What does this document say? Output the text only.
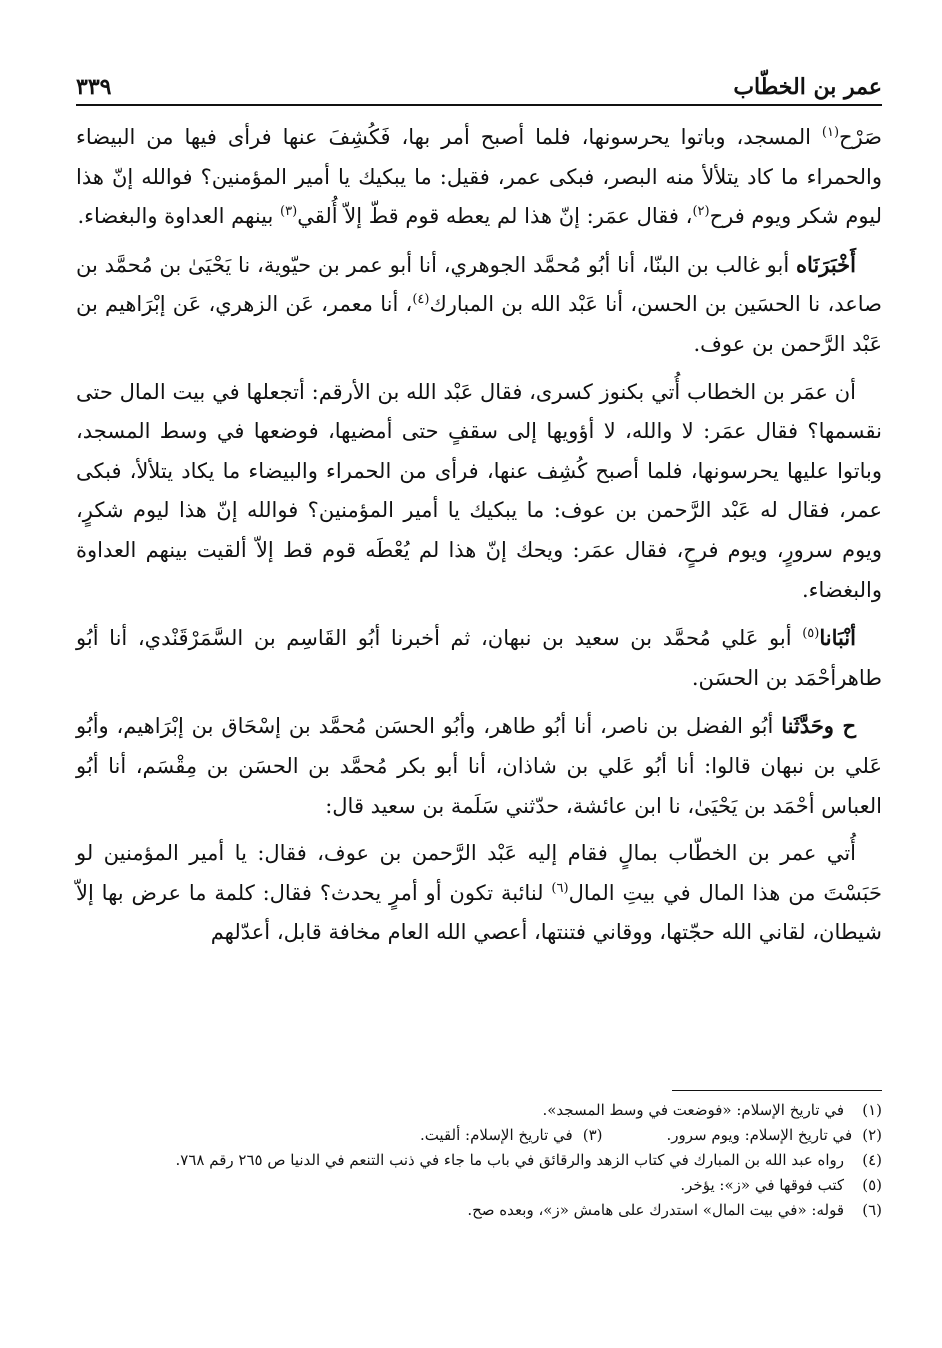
عمر بن الخطّاب
٣٣٩

صَرْح$^{(١)}$ المسجد، وباتوا يحرسونها، فلما أصبح أمر بها، فَكُشِفَ عنها فرأى فيها من البيضاء والحمراء ما كاد يتلألأ منه البصر، فبكى عمر، فقيل: ما يبكيك يا أمير المؤمنين؟ فوالله إنّ هذا ليوم شكر ويوم فرح$^{(٢)}$، فقال عمَر: إنّ هذا لم يعطه قوم قطّ إلاّ أُلقي$^{(٣)}$ بينهم العداوة والبغضاء.

أَخْبَرَنَاه أبو غالب بن البنّا، أنا أبُو مُحمَّد الجوهري، أنا أبو عمر بن حيّوية، نا يَحْيَىٰ بن مُحمَّد بن صاعد، نا الحسَين بن الحسن، أنا عَبْد الله بن المبارك$^{(٤)}$، أنا معمر، عَن الزهري، عَن إبْرَاهيم بن عَبْد الرَّحمن بن عوف.

أن عمَر بن الخطاب أُتي بكنوز كسرى، فقال عَبْد الله بن الأرقم: أتجعلها في بيت المال حتى نقسمها؟ فقال عمَر: لا والله، لا أؤويها إلى سقفٍ حتى أمضيها، فوضعها في وسط المسجد، وباتوا عليها يحرسونها، فلما أصبح كُشِف عنها، فرأى من الحمراء والبيضاء ما يكاد يتلألأ، فبكى عمر، فقال له عَبْد الرَّحمن بن عوف: ما يبكيك يا أمير المؤمنين؟ فوالله إنّ هذا ليوم شكرٍ، ويوم سرورٍ، ويوم فرحٍ، فقال عمَر: ويحك إنّ هذا لم يُعْطَه قوم قط إلاّ ألقيت بينهم العداوة والبغضاء.

أنْبَانا$^{(٥)}$ أبو عَلي مُحمَّد بن سعيد بن نبهان، ثم أخبرنا أبُو القَاسِم بن السَّمَرْقَنْدي، أنا أبُو طاهرأحْمَد بن الحسَن.

ح وحَدَّثَنا أبُو الفضل بن ناصر، أنا أبُو طاهر، وأبُو الحسَن مُحمَّد بن إسْحَاق بن إبْرَاهيم، وأبُو عَلي بن نبهان قالوا: أنا أبُو عَلي بن شاذان، أنا أبو بكر مُحمَّد بن الحسَن بن مِقْسَم، أنا أبُو العباس أحْمَد بن يَحْيَىٰ، نا ابن عائشة، حدّثني سَلَمة بن سعيد قال:

أُتي عمر بن الخطّاب بمالٍ فقام إليه عَبْد الرَّحمن بن عوف، فقال: يا أمير المؤمنين لو حَبَسْتَ من هذا المال في بيتِ المال$^{(٦)}$ لنائبة تكون أو أمرٍ يحدث؟ فقال: كلمة ما عرض بها إلاّ شيطان، لقاني الله حجّتها، ووقاني فتنتها، أعصي الله العام مخافة قابل، أعدّلهم

(١)
في تاريخ الإسلام: «فوضعت في وسط المسجد».
(٢)
في تاريخ الإسلام: ويوم سرور.
(٣)
في تاريخ الإسلام: ألقيت.
(٤)
رواه عبد الله بن المبارك في كتاب الزهد والرقائق في باب ما جاء في ذنب التنعم في الدنيا ص ٢٦٥ رقم ٧٦٨.
(٥)
كتب فوقها في «ز»: يؤخر.
(٦)
قوله: «في بيت المال» استدرك على هامش «ز»، وبعده صح.
